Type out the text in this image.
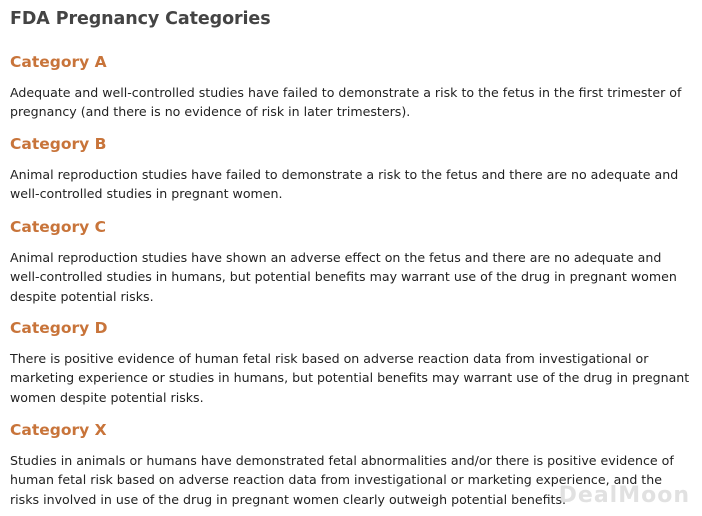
FDA Pregnancy Categories
Category A

Adequate and well-controlled studies have failed to demonstrate a risk to the fetus in the first trimester of pregnancy (and there is no evidence of risk in later trimesters).

Category B

Animal reproduction studies have failed to demonstrate a risk to the fetus and there are no adequate and well-controlled studies in pregnant women.

Category C

Animal reproduction studies have shown an adverse effect on the fetus and there are no adequate and well-controlled studies in humans, but potential benefits may warrant use of the drug in pregnant women despite potential risks.

Category D

There is positive evidence of human fetal risk based on adverse reaction data from investigational or marketing experience or studies in humans, but potential benefits may warrant use of the drug in pregnant women despite potential risks.

Category X

Studies in animals or humans have demonstrated fetal abnormalities and/or there is positive evidence of human fetal risk based on adverse reaction data from investigational or marketing experience, and the risks involved in use of the drug in pregnant women clearly outweigh potential benefits.

DealMoon
